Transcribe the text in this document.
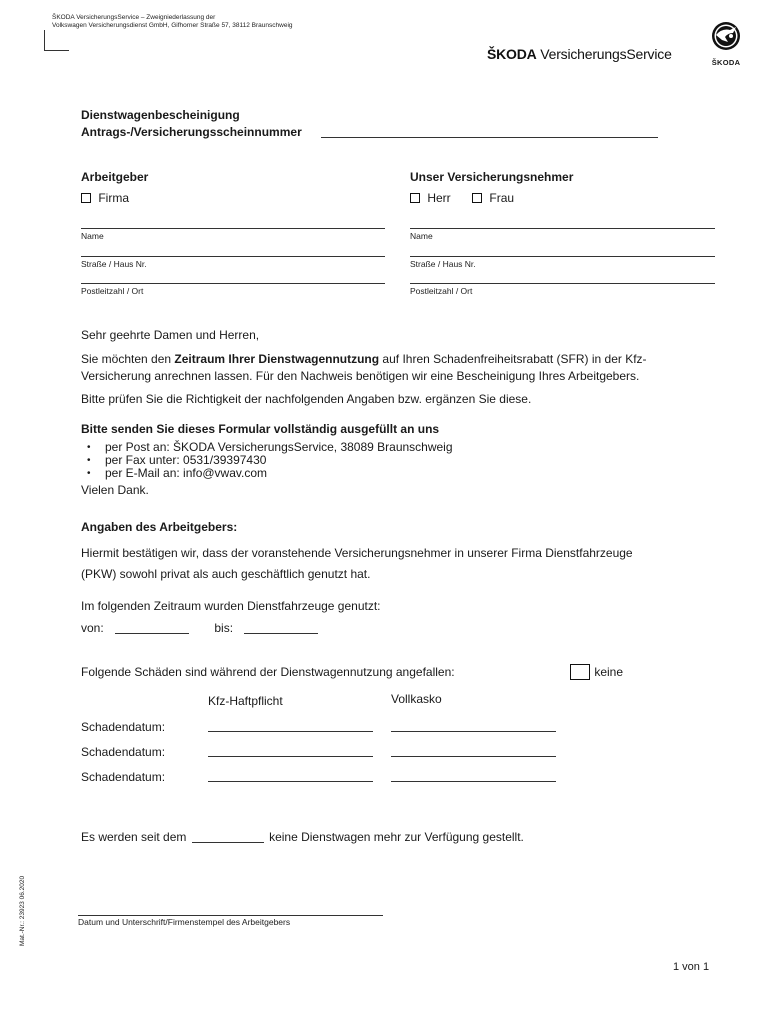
ŠKODA VersicherungsService – Zweigniederlassung der
Volkswagen Versicherungsdienst GmbH, Gifhorner Straße 57, 38112 Braunschweig
ŠKODA VersicherungsService
ŠKODA
Dienstwagenbescheinigung
Antrags-/Versicherungsscheinnummer
Arbeitgeber
Firma
Name
Straße / Haus Nr.
Postleitzahl / Ort
Unser Versicherungsnehmer
Herr	Frau
Name
Straße / Haus Nr.
Postleitzahl / Ort
Sehr geehrte Damen und Herren,
Sie möchten den Zeitraum Ihrer Dienstwagennutzung auf Ihren Schadenfreiheitsrabatt (SFR) in der Kfz-
Versicherung anrechnen lassen. Für den Nachweis benötigen wir eine Bescheinigung Ihres Arbeitgebers.
Bitte prüfen Sie die Richtigkeit der nachfolgenden Angaben bzw. ergänzen Sie diese.
Bitte senden Sie dieses Formular vollständig ausgefüllt an uns
• per Post an: ŠKODA VersicherungsService, 38089 Braunschweig
• per Fax unter: 0531/39397430
• per E-Mail an: info@vwav.com
Vielen Dank.
Angaben des Arbeitgebers:
Hiermit bestätigen wir, dass der voranstehende Versicherungsnehmer in unserer Firma Dienstfahrzeuge
(PKW) sowohl privat als auch geschäftlich genutzt hat.
Im folgenden Zeitraum wurden Dienstfahrzeuge genutzt:
von:	bis:
Folgende Schäden sind während der Dienstwagennutzung angefallen:	keine
Kfz-Haftpflicht	Vollkasko
Schadendatum:
Schadendatum:
Schadendatum:
Es werden seit dem	keine Dienstwagen mehr zur Verfügung gestellt.
Datum und Unterschrift/Firmenstempel des Arbeitgebers
Mat.-Nr.: 23923 06.2020
1 von 1
